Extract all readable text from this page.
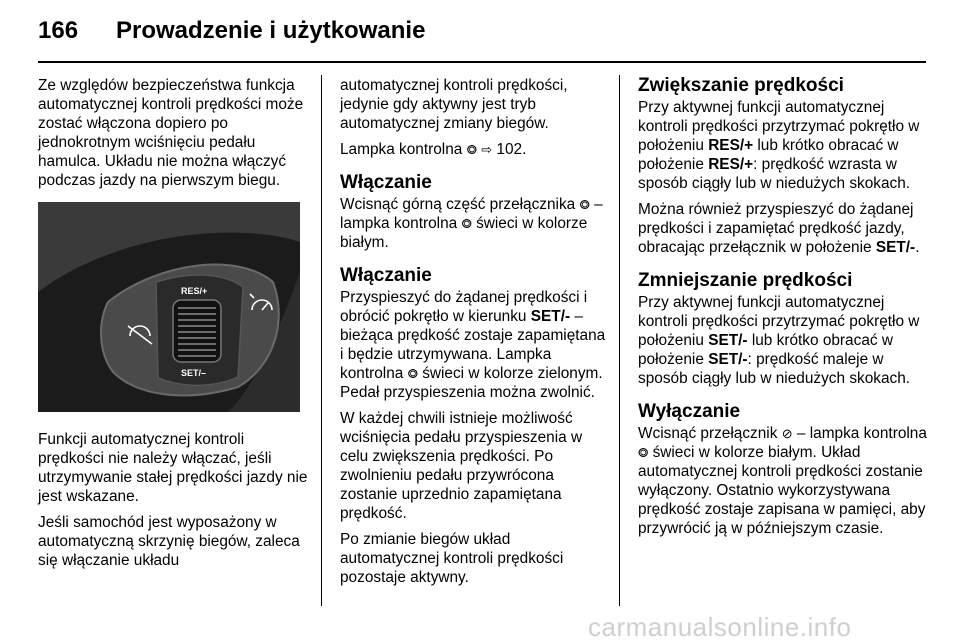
166 Prowadzenie i użytkowanie

Ze względów bezpieczeństwa funkcja automatycznej kontroli prędkości może zostać włączona dopiero po jednokrotnym wciśnięciu pedału hamulca. Układu nie można włączyć podczas jazdy na pierwszym biegu.

RES/+
SET/–

Funkcji automatycznej kontroli prędkości nie należy włączać, jeśli utrzymywanie stałej prędkości jazdy nie jest wskazane.

Jeśli samochód jest wyposażony w automatyczną skrzynię biegów, zaleca się włączanie układu

automatycznej kontroli prędkości, jedynie gdy aktywny jest tryb automatycznej zmiany biegów.

Lampka kontrolna ⭗ ⇨ 102.

Włączanie

Wcisnąć górną część przełącznika ⭗ – lampka kontrolna ⭗ świeci w kolorze białym.

Włączanie

Przyspieszyć do żądanej prędkości i obrócić pokrętło w kierunku SET/- – bieżąca prędkość zostaje zapamiętana i będzie utrzymywana. Lampka kontrolna ⭗ świeci w kolorze zielonym. Pedał przyspieszenia można zwolnić.

W każdej chwili istnieje możliwość wciśnięcia pedału przyspieszenia w celu zwiększenia prędkości. Po zwolnieniu pedału przywrócona zostanie uprzednio zapamiętana prędkość.

Po zmianie biegów układ automatycznej kontroli prędkości pozostaje aktywny.

Zwiększanie prędkości

Przy aktywnej funkcji automatycznej kontroli prędkości przytrzymać pokrętło w położeniu RES/+ lub krótko obracać w położenie RES/+: prędkość wzrasta w sposób ciągły lub w niedużych skokach.

Można również przyspieszyć do żądanej prędkości i zapamiętać prędkość jazdy, obracając przełącznik w położenie SET/-.

Zmniejszanie prędkości

Przy aktywnej funkcji automatycznej kontroli prędkości przytrzymać pokrętło w położeniu SET/- lub krótko obracać w położenie SET/-: prędkość maleje w sposób ciągły lub w niedużych skokach.

Wyłączanie

Wcisnąć przełącznik ⊘ – lampka kontrolna ⭗ świeci w kolorze białym. Układ automatycznej kontroli prędkości zostanie wyłączony. Ostatnio wykorzystywana prędkość zostaje zapisana w pamięci, aby przywrócić ją w późniejszym czasie.

carmanualsonline.info
